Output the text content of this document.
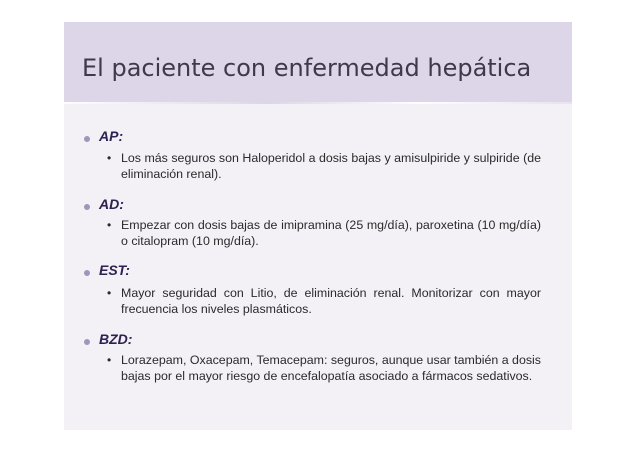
El paciente con enfermedad hepática
AP:
• Los más seguros son Haloperidol a dosis bajas y amisulpiride y sulpiride (de eliminación renal).
AD:
• Empezar con dosis bajas de imipramina (25 mg/día), paroxetina (10 mg/día) o citalopram (10 mg/día).
EST:
• Mayor seguridad con Litio, de eliminación renal. Monitorizar con mayor frecuencia los niveles plasmáticos.
BZD:
• Lorazepam, Oxacepam, Temacepam: seguros, aunque usar también a dosis bajas por el mayor riesgo de encefalopatía asociado a fármacos sedativos.
